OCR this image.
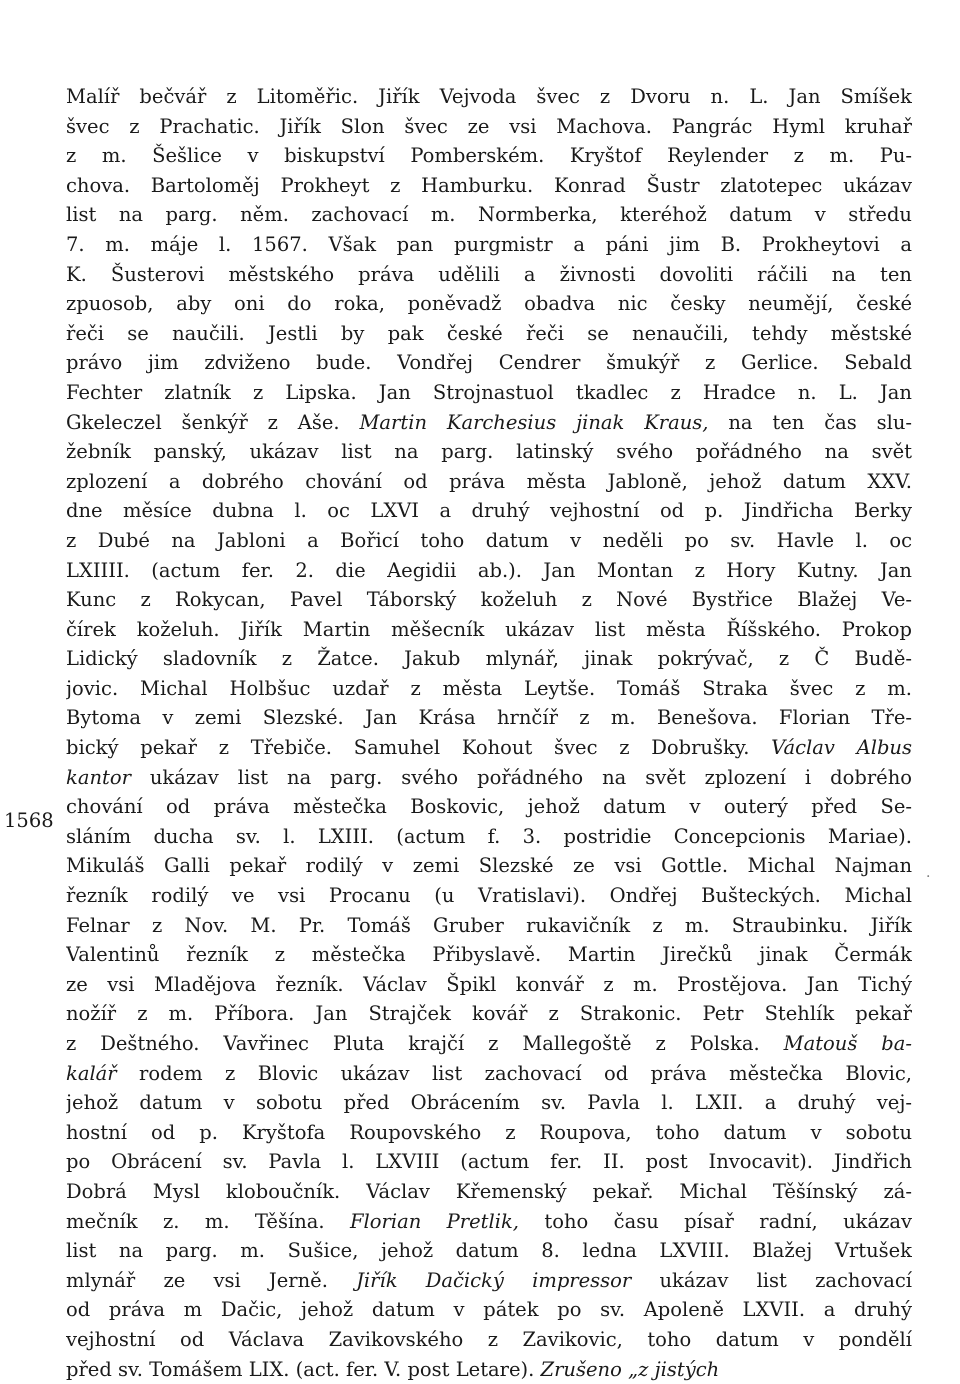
1568
·
Malíř bečvář z Litoměřic. Jiřík Vejvoda švec z Dvoru n. L. Jan Smíšek
švec z Prachatic. Jiřík Slon švec ze vsi Machova. Pangrác Hyml kruhař
z m. Šešlice v biskupství Pomberském. Kryštof Reylender z m. Pu-
chova. Bartoloměj Prokheyt z Hamburku. Konrad Šustr zlatotepec ukázav
list na parg. něm. zachovací m. Normberka, kteréhož datum v středu
7. m. máje l. 1567. Však pan purgmistr a páni jim B. Prokheytovi a
K. Šusterovi městského práva udělili a živnosti dovoliti ráčili na ten
zpuosob, aby oni do roka, poněvadž obadva nic česky neumějí, české
řeči se naučili. Jestli by pak české řeči se nenaučili, tehdy městské
právo jim zdviženo bude. Vondřej Cendrer šmukýř z Gerlice. Sebald
Fechter zlatník z Lipska. Jan Strojnastuol tkadlec z Hradce n. L. Jan
Gkeleczel šenkýř z Aše. Martin Karchesius jinak Kraus, na ten čas slu-
žebník panský, ukázav list na parg. latinský svého pořádného na svět
zplození a dobrého chování od práva města Jabloně, jehož datum XXV.
dne měsíce dubna l. oc LXVI a druhý vejhostní od p. Jindřicha Berky
z Dubé na Jabloni a Bořicí toho datum v neděli po sv. Havle l. oc
LXIIII. (actum fer. 2. die Aegidii ab.). Jan Montan z Hory Kutny. Jan
Kunc z Rokycan, Pavel Táborský koželuh z Nové Bystřice Blažej Ve-
čírek koželuh. Jiřík Martin měšecník ukázav list města Říšského. Prokop
Lidický sladovník z Žatce. Jakub mlynář, jinak pokrývač, z Č Budě-
jovic. Michal Holbšuc uzdař z města Leytše. Tomáš Straka švec z m.
Bytoma v zemi Slezské. Jan Krása hrnčíř z m. Benešova. Florian Tře-
bický pekař z Třebiče. Samuhel Kohout švec z Dobrušky. Václav Albus
kantor ukázav list na parg. svého pořádného na svět zplození i dobrého
chování od práva městečka Boskovic, jehož datum v outerý před Se-
sláním ducha sv. l. LXIII. (actum f. 3. postridie Concepcionis Mariae).
Mikuláš Galli pekař rodilý v zemi Slezské ze vsi Gottle. Michal Najman
řezník rodilý ve vsi Procanu (u Vratislavi). Ondřej Bušteckých. Michal
Felnar z Nov. M. Pr. Tomáš Gruber rukavičník z m. Straubinku. Jiřík
Valentinů řezník z městečka Přibyslavě. Martin Jirečků jinak Čermák
ze vsi Mladějova řezník. Václav Špikl konvář z m. Prostějova. Jan Tichý
nožíř z m. Příbora. Jan Strajček kovář z Strakonic. Petr Stehlík pekař
z Deštného. Vavřinec Pluta krajčí z Mallegoště z Polska. Matouš ba-
kalář rodem z Blovic ukázav list zachovací od práva městečka Blovic,
jehož datum v sobotu před Obrácením sv. Pavla l. LXII. a druhý vej-
hostní od p. Kryštofa Roupovského z Roupova, toho datum v sobotu
po Obrácení sv. Pavla l. LXVIII (actum fer. II. post Invocavit). Jindřich
Dobrá Mysl kloboučník. Václav Křemenský pekař. Michal Těšínský zá-
mečník z. m. Těšína. Florian Pretlik, toho času písař radní, ukázav
list na parg. m. Sušice, jehož datum 8. ledna LXVIII. Blažej Vrtušek
mlynář ze vsi Jerně. Jiřík Dačický impressor ukázav list zachovací
od práva m Dačic, jehož datum v pátek po sv. Apoleně LXVII. a druhý
vejhostní od Václava Zavikovského z Zavikovic, toho datum v pondělí
před sv. Tomášem LIX. (act. fer. V. post Letare). Zrušeno „z jistých
